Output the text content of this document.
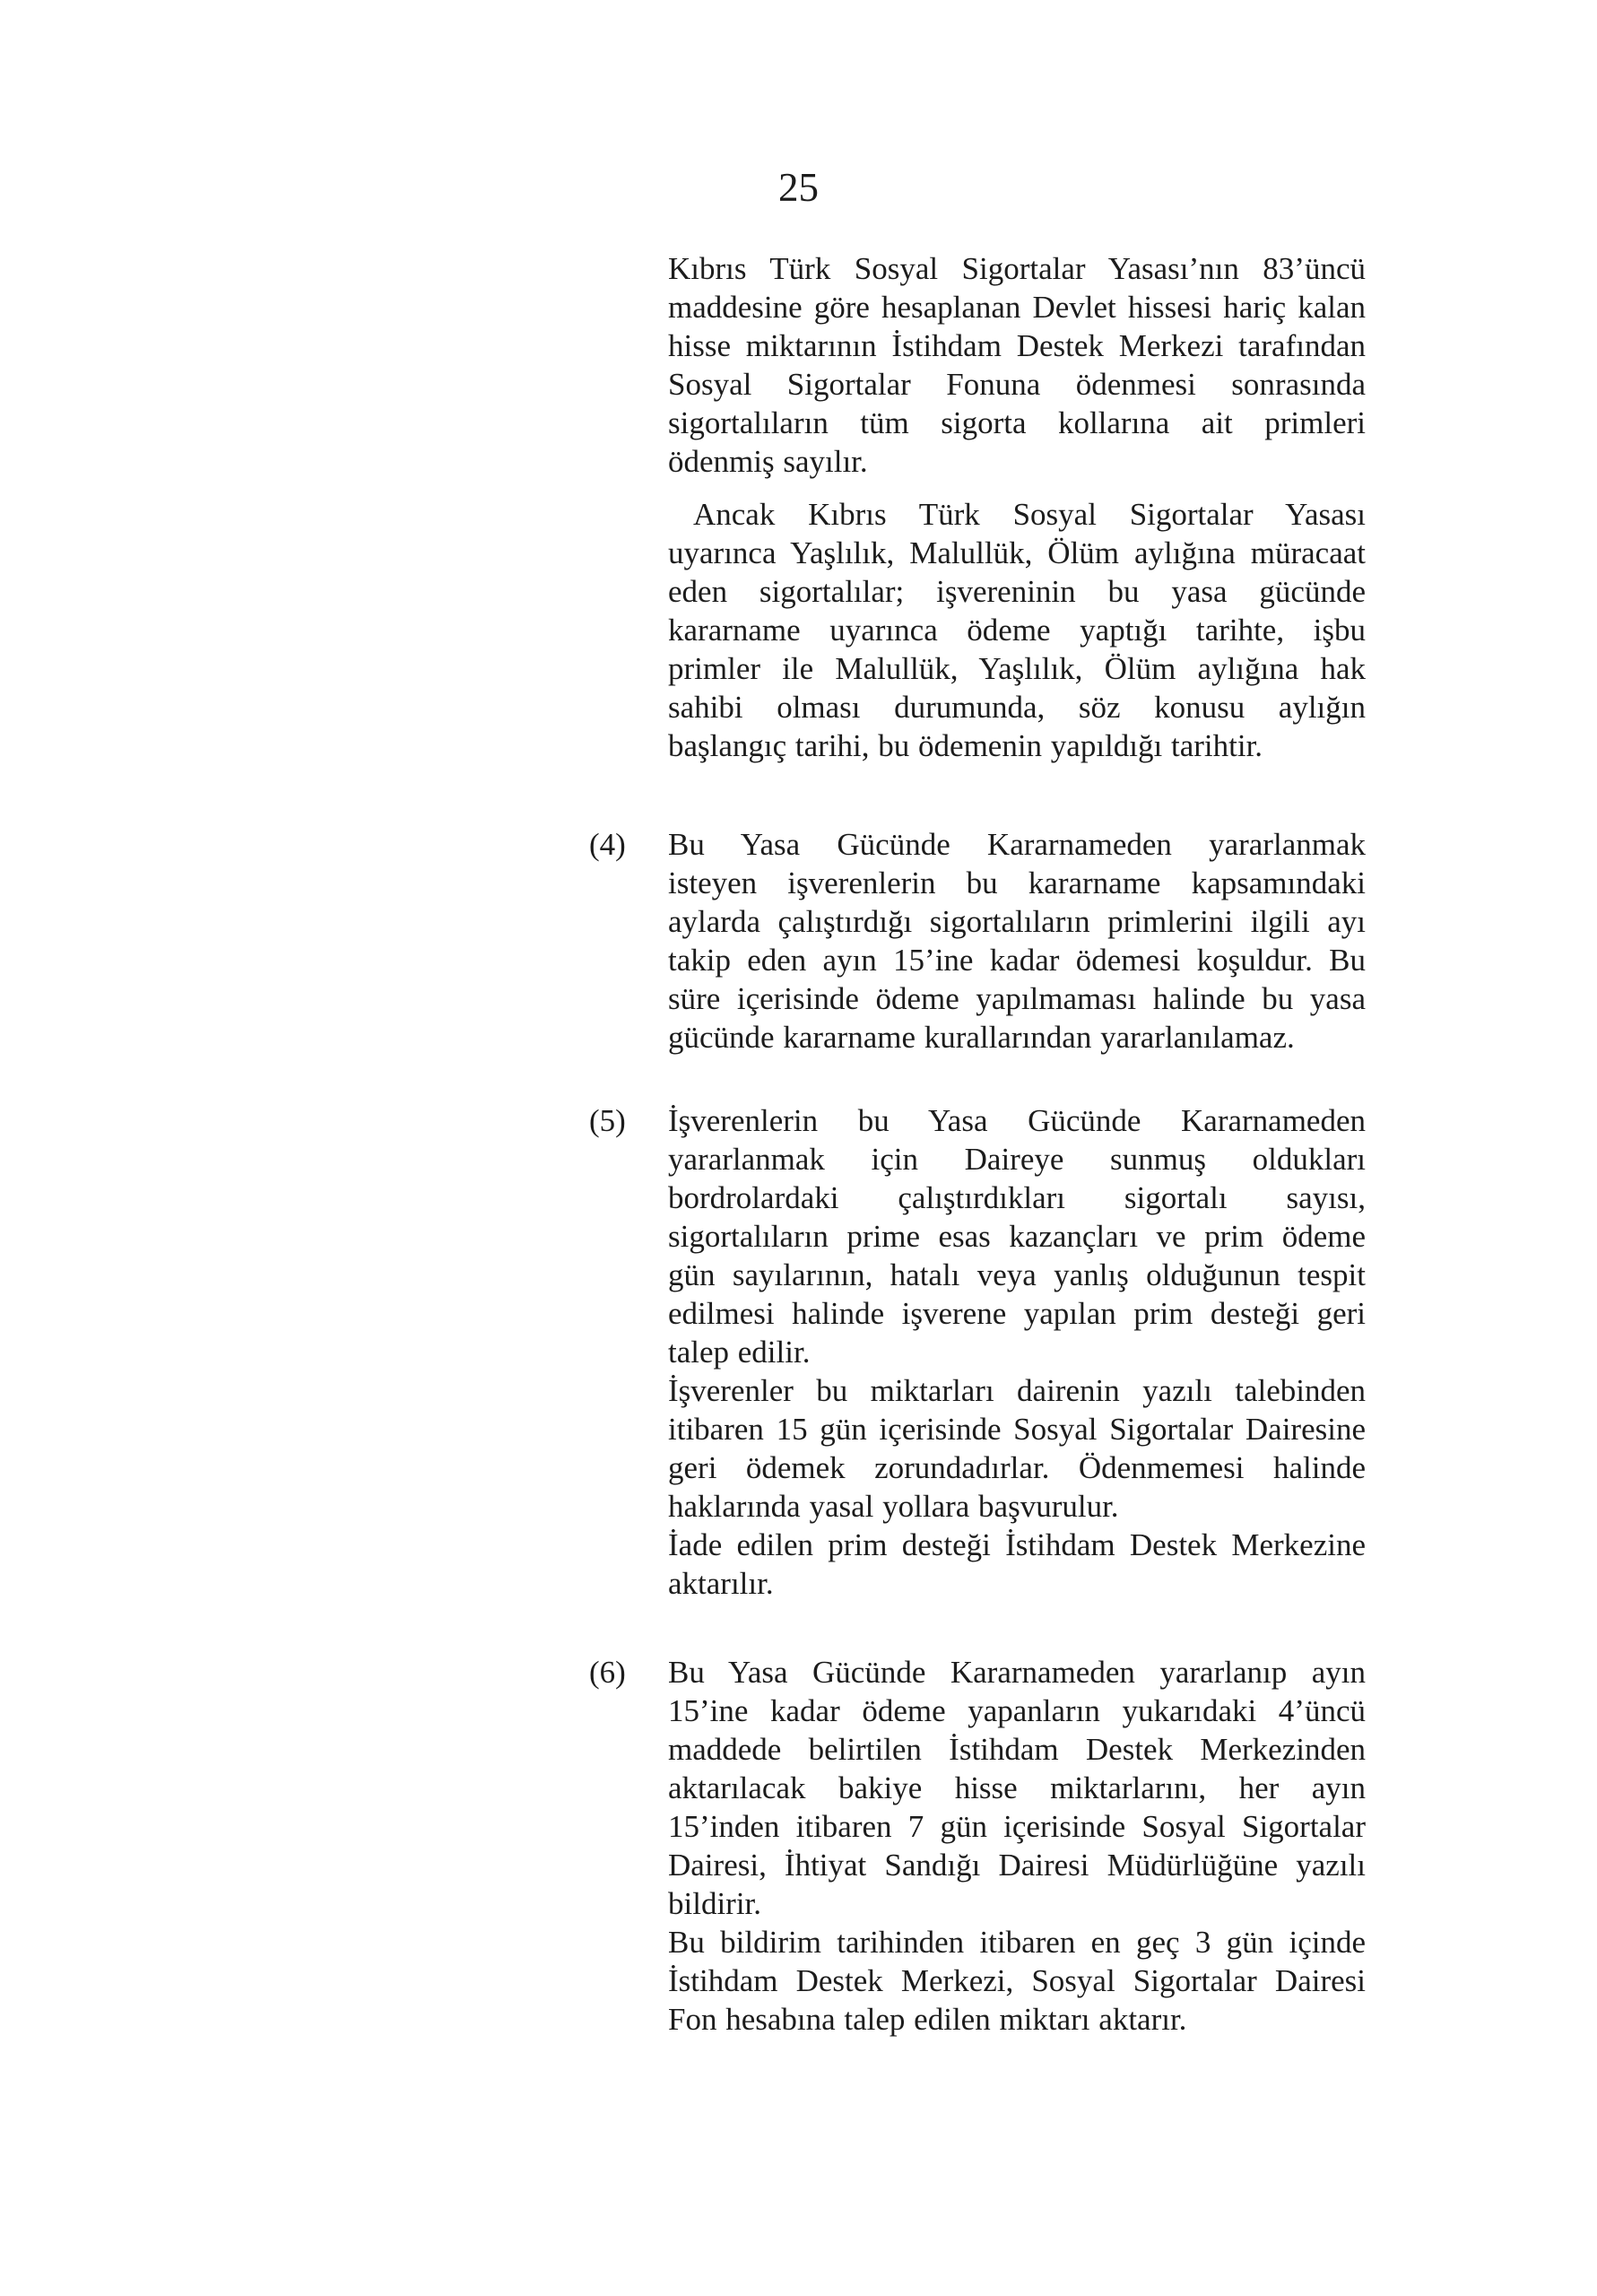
25
Kıbrıs Türk Sosyal Sigortalar Yasası’nın 83’üncü
maddesine göre hesaplanan Devlet hissesi hariç kalan
hisse miktarının İstihdam Destek Merkezi tarafından
Sosyal Sigortalar Fonuna ödenmesi sonrasında
sigortalıların tüm sigorta kollarına ait primleri
ödenmiş sayılır.
Ancak Kıbrıs Türk Sosyal Sigortalar Yasası
uyarınca Yaşlılık, Malullük, Ölüm aylığına müracaat
eden sigortalılar; işvereninin bu yasa gücünde
kararname uyarınca ödeme yaptığı tarihte, işbu
primler ile Malullük, Yaşlılık, Ölüm aylığına hak
sahibi olması durumunda, söz konusu aylığın
başlangıç tarihi, bu ödemenin yapıldığı tarihtir.
(4)	Bu Yasa Gücünde Kararnameden yararlanmak
isteyen işverenlerin bu kararname kapsamındaki
aylarda çalıştırdığı sigortalıların primlerini ilgili ayı
takip eden ayın 15’ine kadar ödemesi koşuldur. Bu
süre içerisinde ödeme yapılmaması halinde bu yasa
gücünde kararname kurallarından yararlanılamaz.
(5)	İşverenlerin bu Yasa Gücünde Kararnameden
yararlanmak için Daireye sunmuş oldukları
bordrolardaki çalıştırdıkları sigortalı sayısı,
sigortalıların prime esas kazançları ve prim ödeme
gün sayılarının, hatalı veya yanlış olduğunun tespit
edilmesi halinde işverene yapılan prim desteği geri
talep edilir.
İşverenler bu miktarları dairenin yazılı talebinden
itibaren 15 gün içerisinde Sosyal Sigortalar Dairesine
geri ödemek zorundadırlar. Ödenmemesi halinde
haklarında yasal yollara başvurulur.
İade edilen prim desteği İstihdam Destek Merkezine
aktarılır.
(6)	Bu Yasa Gücünde Kararnameden yararlanıp ayın
15’ine kadar ödeme yapanların yukarıdaki 4’üncü
maddede belirtilen İstihdam Destek Merkezinden
aktarılacak bakiye hisse miktarlarını, her ayın
15’inden itibaren 7 gün içerisinde Sosyal Sigortalar
Dairesi, İhtiyat Sandığı Dairesi Müdürlüğüne yazılı
bildirir.
Bu bildirim tarihinden itibaren en geç 3 gün içinde
İstihdam Destek Merkezi, Sosyal Sigortalar Dairesi
Fon hesabına talep edilen miktarı aktarır.
